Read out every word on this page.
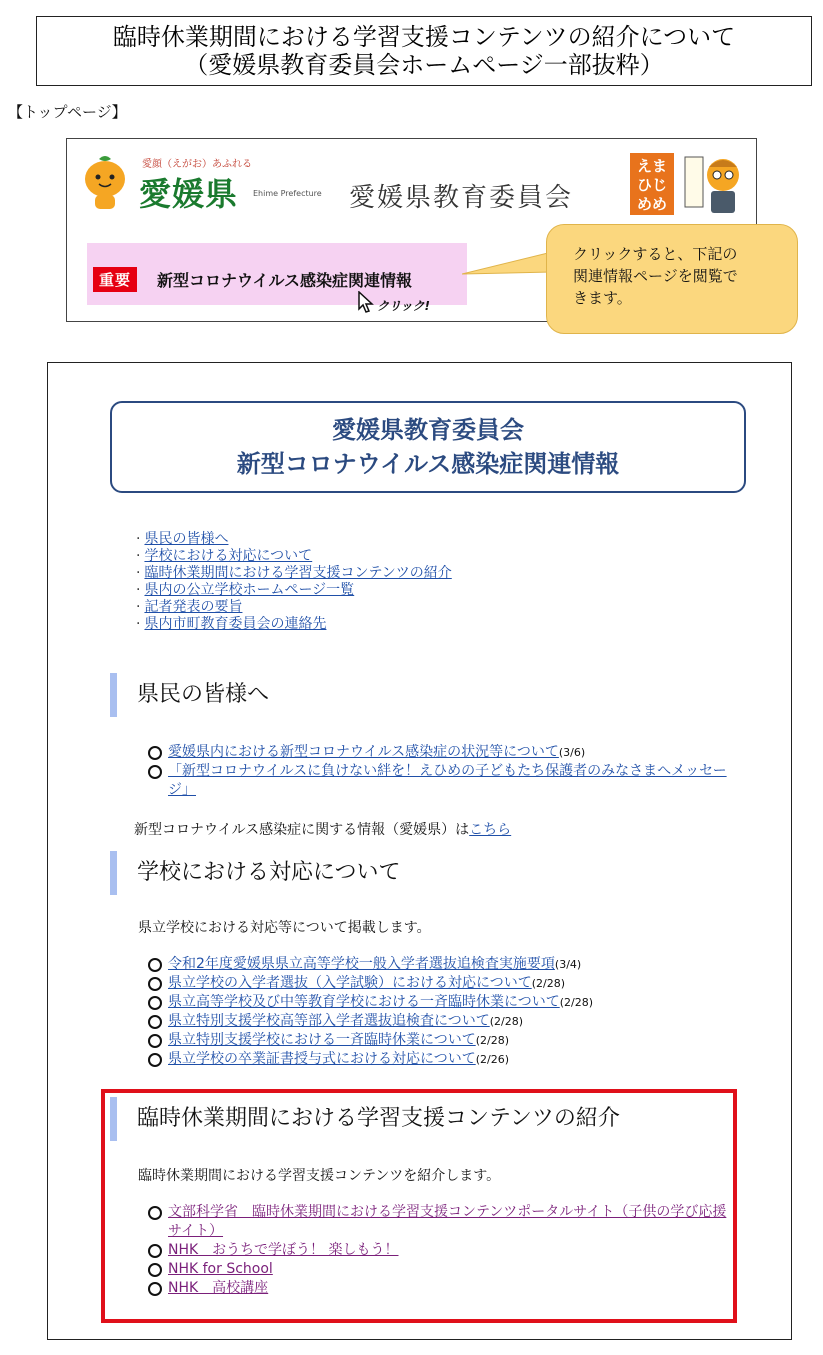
臨時休業期間における学習支援コンテンツの紹介について
（愛媛県教育委員会ホームページ一部抜粋）
【トップページ】
愛顔（えがお）あふれる
愛媛県 Ehime Prefecture 愛媛県教育委員会
えま
ひじ
めめ
重要	新型コロナウイルス感染症関連情報
クリック!
クリックすると、下記の
関連情報ページを閲覧で
きます。
愛媛県教育委員会
新型コロナウイルス感染症関連情報
· 県民の皆様へ
· 学校における対応について
· 臨時休業期間における学習支援コンテンツの紹介
· 県内の公立学校ホームページ一覧
· 記者発表の要旨
· 県内市町教育委員会の連絡先
県民の皆様へ
愛媛県内における新型コロナウイルス感染症の状況等について(3/6)
「新型コロナウイルスに負けない絆を！えひめの子どもたち保護者のみなさまへメッセージ」
新型コロナウイルス感染症に関する情報（愛媛県）はこちら
学校における対応について
県立学校における対応等について掲載します。
令和2年度愛媛県県立高等学校一般入学者選抜追検査実施要項(3/4)
県立学校の入学者選抜（入学試験）における対応について(2/28)
県立高等学校及び中等教育学校における一斉臨時休業について(2/28)
県立特別支援学校高等部入学者選抜追検査について(2/28)
県立特別支援学校における一斉臨時休業について(2/28)
県立学校の卒業証書授与式における対応について(2/26)
臨時休業期間における学習支援コンテンツの紹介
臨時休業期間における学習支援コンテンツを紹介します。
文部科学省　臨時休業期間における学習支援コンテンツポータルサイト（子供の学び応援サイト）
NHK　おうちで学ぼう！ 楽しもう！
NHK for School
NHK　高校講座
